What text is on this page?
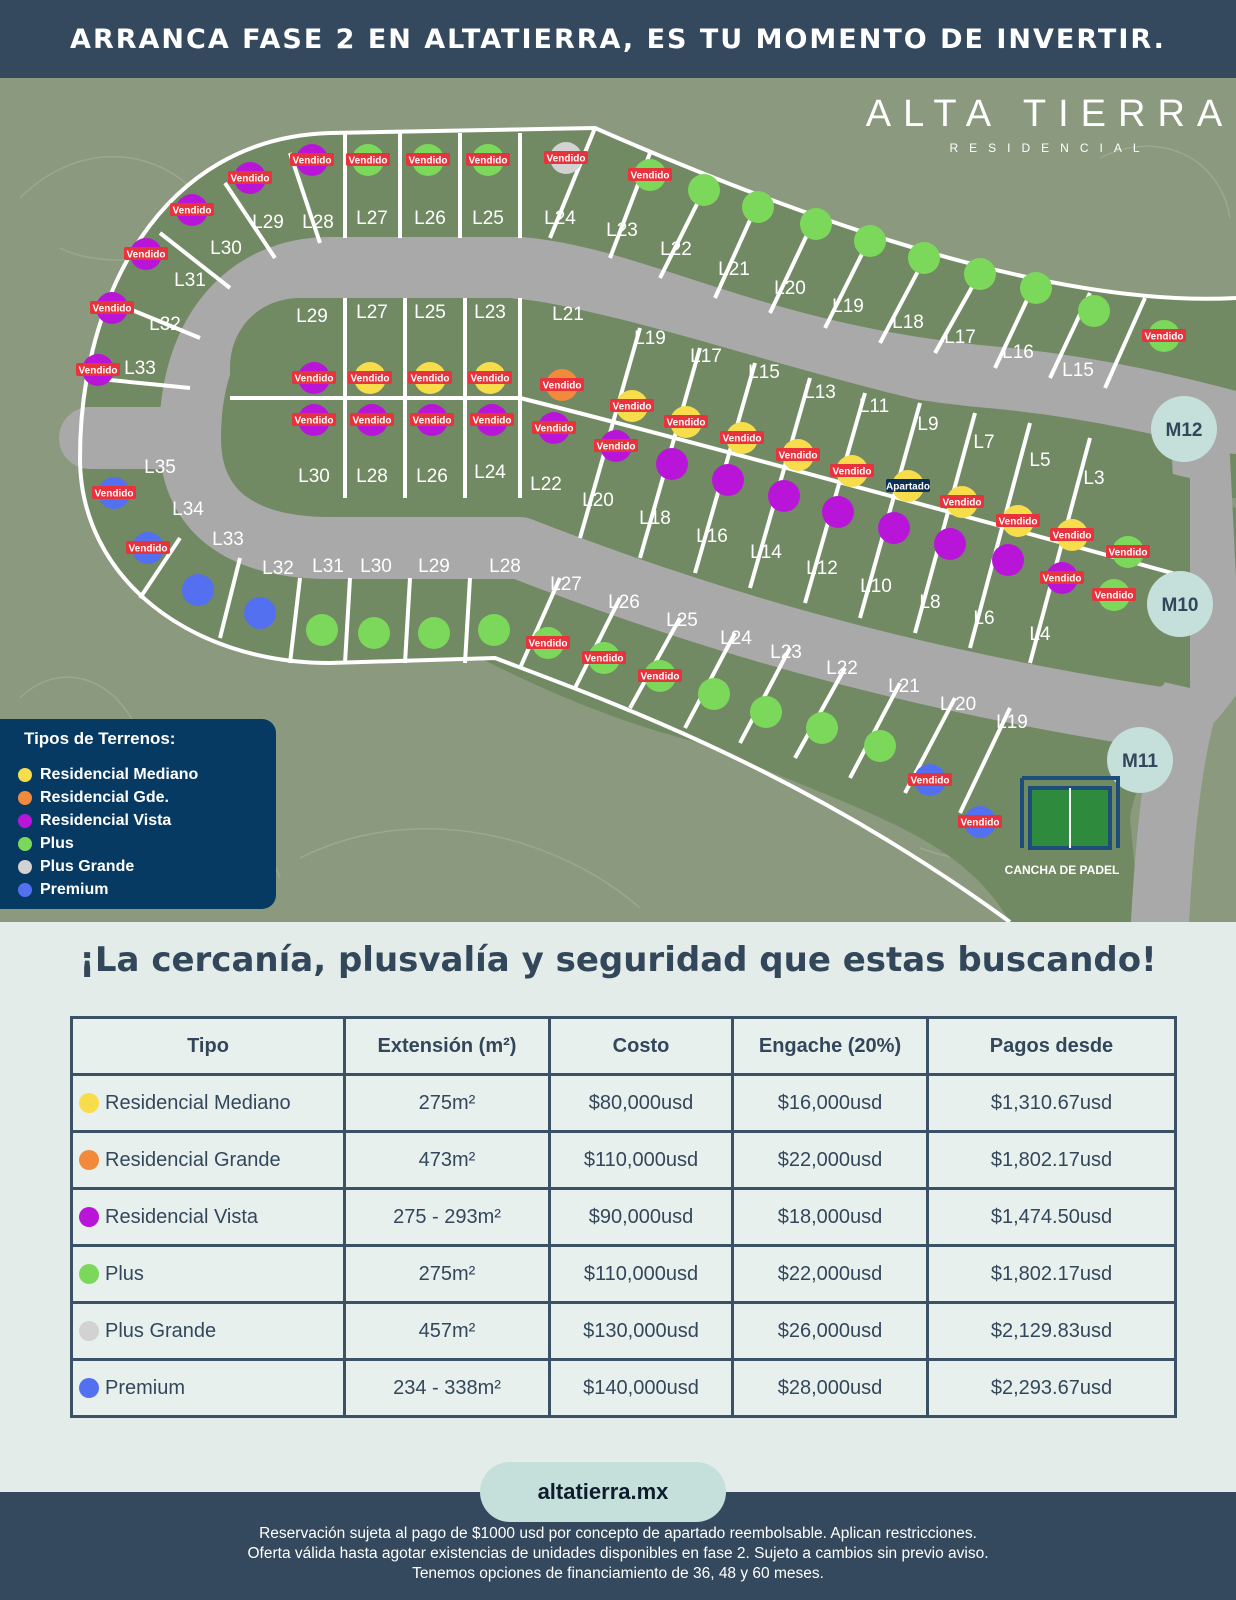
ARRANCA FASE 2 EN ALTATIERRA, ES TU MOMENTO DE INVERTIR.
ALTA TIERRA
RESIDENCIAL
L29 L28 L27 L26 L25 L24
L23
L22
L21
L20
L19
L18
L17
L16
L15
L30
L31
L32
L33
L35
L34
L33
L29 L27 L25 L23 L21
L19
L17
L15
L13
L11
L9
L7
L5
L3
L30 L28 L26 L24
L22
L20
L18
L16
L14
L12
L10
L8
L6
L4
L32 L31 L30 L29 L28
L27
L26
L25
L24
L23
L22
L21
L 20
L19
Vendido Vendido Vendido Vendido	Vendido
Vendido
Vendido
Vendido
Vendido
Vendido
Vendido
Vendido
Vendido
Vendido
Vendido Vendido Vendido Vendido
Vendido
Vendido
Vendido
Vendido
Vendido
Vendido
Apartado
Vendido
Vendido
Vendido
Vendido
Vendido Vendido Vendido Vendido
Vendido
Vendido
Vendido
Vendido
Vendido
Vendido
Vendido
Vendido
Vendido
M12
M10
M11
CANCHA DE PADEL
Tipos de Terrenos:
Residencial Mediano
Residencial Gde.
Residencial Vista
Plus
Plus Grande
Premium
¡La cercanía, plusvalía y seguridad que estas buscando!
Tipo	Extensión (m²)	Costo	Engache (20%)	Pagos desde
Residencial Mediano	275m²	$80,000usd	$16,000usd	$1,310.67usd
Residencial Grande	473m²	$110,000usd	$22,000usd	$1,802.17usd
Residencial Vista	275 - 293m²	$90,000usd	$18,000usd	$1,474.50usd
Plus	275m²	$110,000usd	$22,000usd	$1,802.17usd
Plus Grande	457m²	$130,000usd	$26,000usd	$2,129.83usd
Premium	234 - 338m²	$140,000usd	$28,000usd	$2,293.67usd
Reservación sujeta al pago de $1000 usd por concepto de apartado reembolsable. Aplican restricciones.
Oferta válida hasta agotar existencias de unidades disponibles en fase 2. Sujeto a cambios sin previo aviso.
Tenemos opciones de financiamiento de 36, 48 y 60 meses.
altatierra.mx
